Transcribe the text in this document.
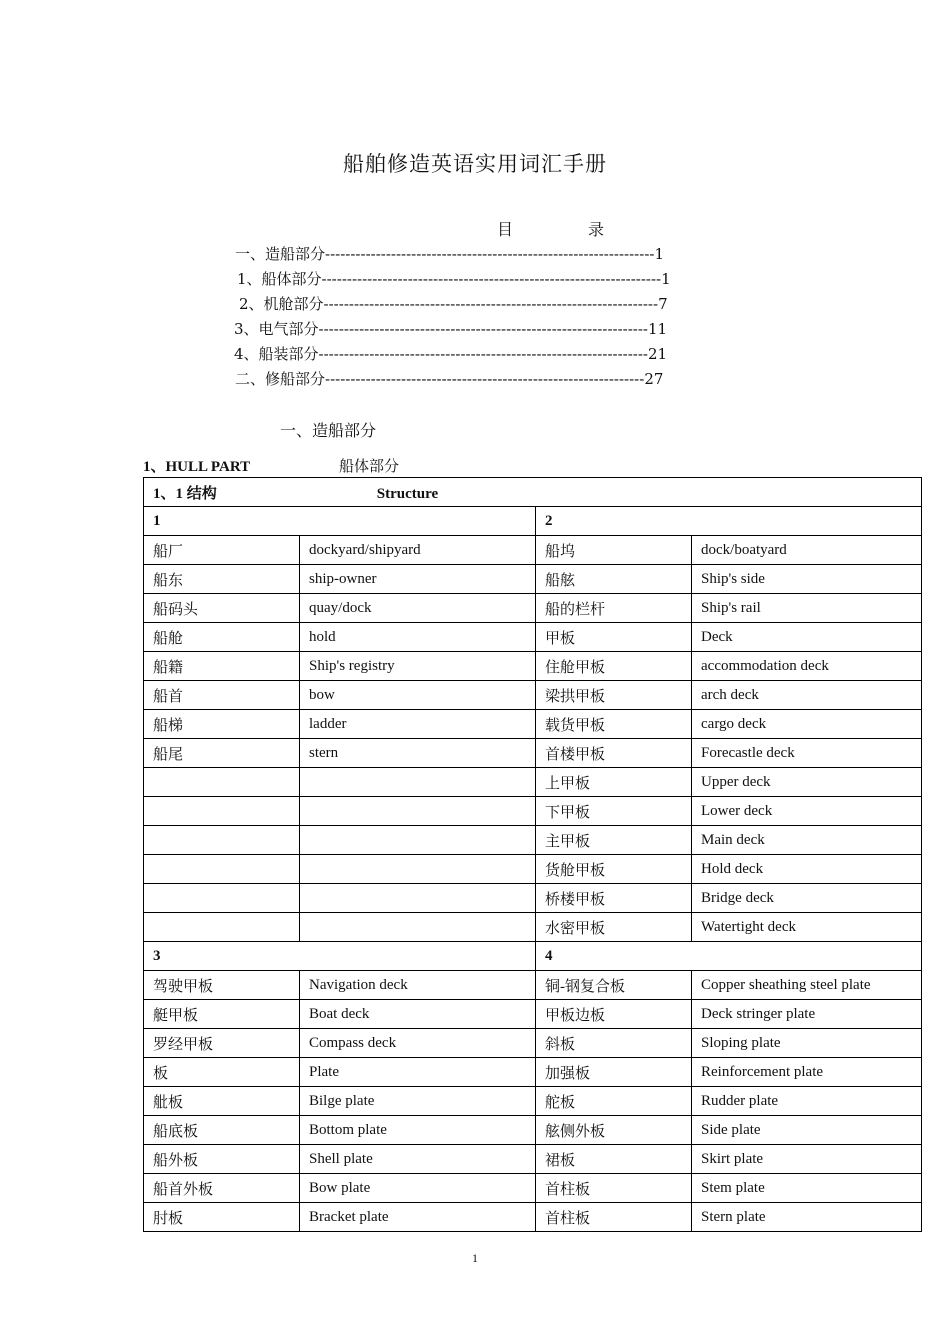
船舶修造英语实用词汇手册
目	录
一、造船部分-----------------------------------------------------------------1
1、船体部分-------------------------------------------------------------------1
2、机舱部分------------------------------------------------------------------7
3、电气部分-----------------------------------------------------------------11
4、船装部分-----------------------------------------------------------------21
二、修船部分---------------------------------------------------------------27
一、造船部分
1、HULL PART	船体部分
1、1 结构 Structure			
1		2	
船厂	dockyard/shipyard	船坞	dock/boatyard
船东	ship-owner	船舷	Ship's side
船码头	quay/dock	船的栏杆	Ship's rail
船舱	hold	甲板	Deck
船籍	Ship's registry	住舱甲板	accommodation deck
船首	bow	梁拱甲板	arch deck
船梯	ladder	载货甲板	cargo deck
船尾	stern	首楼甲板	Forecastle deck
		上甲板	Upper deck
		下甲板	Lower deck
		主甲板	Main deck
		货舱甲板	Hold deck
		桥楼甲板	Bridge deck
		水密甲板	Watertight deck
3		4	
驾驶甲板	Navigation deck	铜-钢复合板	Copper sheathing steel plate
艇甲板	Boat deck	甲板边板	Deck stringer plate
罗经甲板	Compass deck	斜板	Sloping plate
板	Plate	加强板	Reinforcement plate
舭板	Bilge plate	舵板	Rudder plate
船底板	Bottom plate	舷侧外板	Side plate
船外板	Shell plate	裙板	Skirt plate
船首外板	Bow plate	首柱板	Stem plate
肘板	Bracket plate	首柱板	Stern plate
1
